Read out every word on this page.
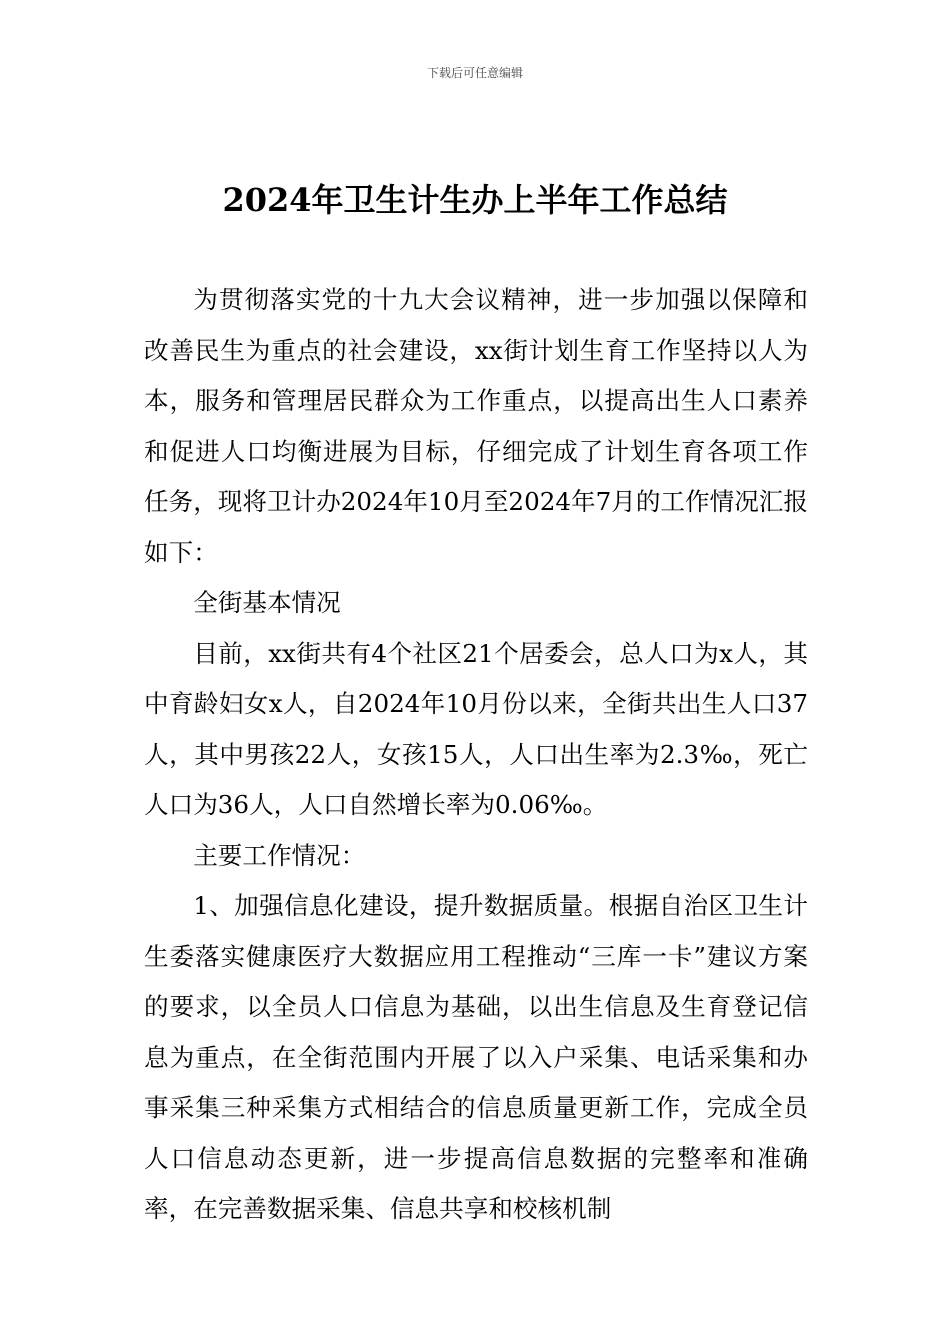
下载后可任意编辑
2024年卫生计生办上半年工作总结

为贯彻落实党的十九大会议精神，进一步加强以保障和改善民生为重点的社会建设，xx街计划生育工作坚持以人为本，服务和管理居民群众为工作重点，以提高出生人口素养和促进人口均衡进展为目标，仔细完成了计划生育各项工作任务，现将卫计办2024年10月至2024年7月的工作情况汇报如下：

全街基本情况

目前，xx街共有4个社区21个居委会，总人口为x人，其中育龄妇女x人，自2024年10月份以来，全街共出生人口37人，其中男孩22人，女孩15人，人口出生率为2.3‰，死亡人口为36人，人口自然增长率为0.06‰。

主要工作情况：

1、加强信息化建设，提升数据质量。根据自治区卫生计生委落实健康医疗大数据应用工程推动“三库一卡”建议方案的要求，以全员人口信息为基础，以出生信息及生育登记信息为重点，在全街范围内开展了以入户采集、电话采集和办事采集三种采集方式相结合的信息质量更新工作，完成全员人口信息动态更新，进一步提高信息数据的完整率和准确率，在完善数据采集、信息共享和校核机制
